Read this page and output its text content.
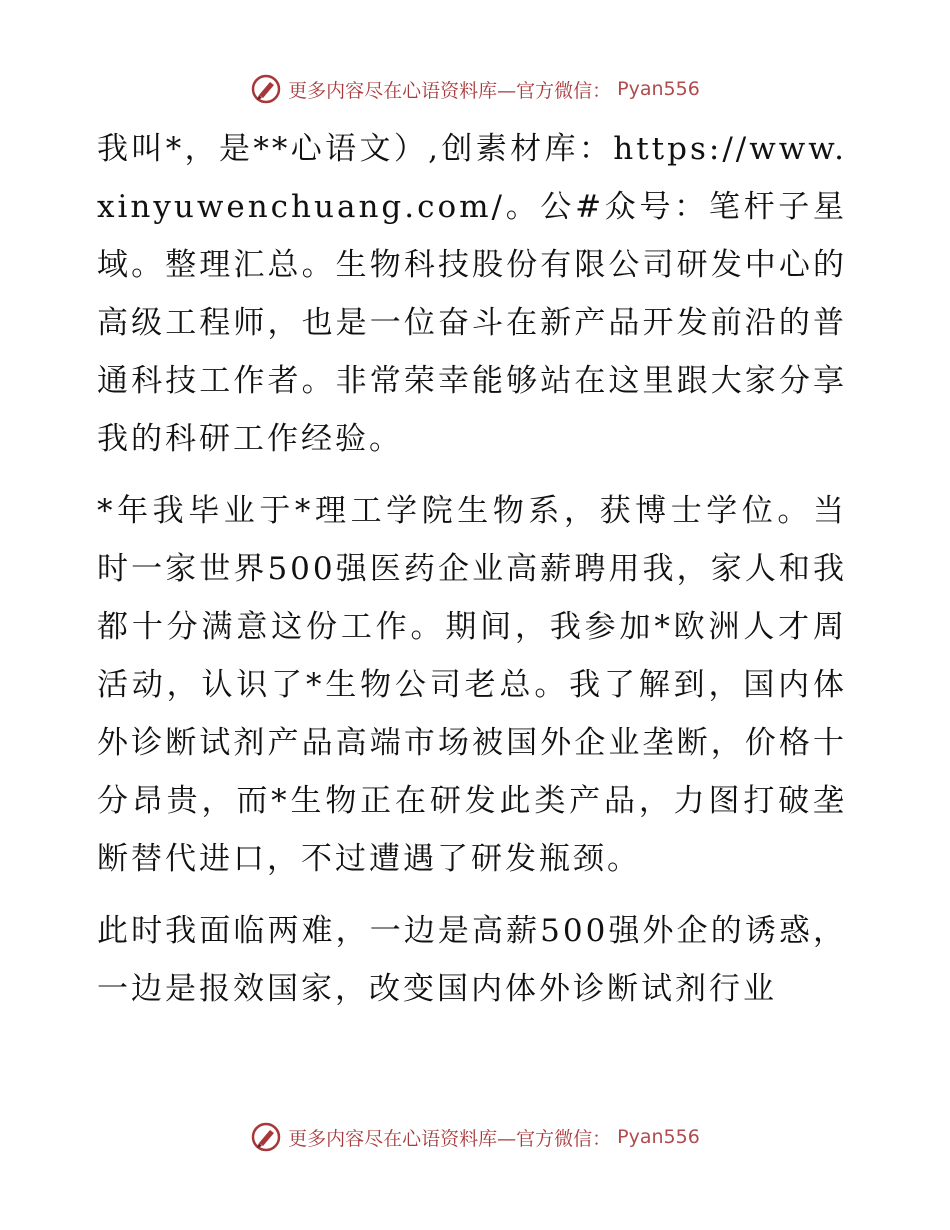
更多内容尽在心语资料库—官方微信： Pyan556

我叫*，是**心语文）,创素材库：https://www.xinyuwenchuang.com/。公#众号：笔杆子星域。整理汇总。生物科技股份有限公司研发中心的高级工程师，也是一位奋斗在新产品开发前沿的普通科技工作者。非常荣幸能够站在这里跟大家分享我的科研工作经验。

*年我毕业于*理工学院生物系，获博士学位。当时一家世界500强医药企业高薪聘用我，家人和我都十分满意这份工作。期间，我参加*欧洲人才周活动，认识了*生物公司老总。我了解到，国内体外诊断试剂产品高端市场被国外企业垄断，价格十分昂贵，而*生物正在研发此类产品，力图打破垄断替代进口，不过遭遇了研发瓶颈。

此时我面临两难，一边是高薪500强外企的诱惑，一边是报效国家，改变国内体外诊断试剂行业

更多内容尽在心语资料库—官方微信： Pyan556
